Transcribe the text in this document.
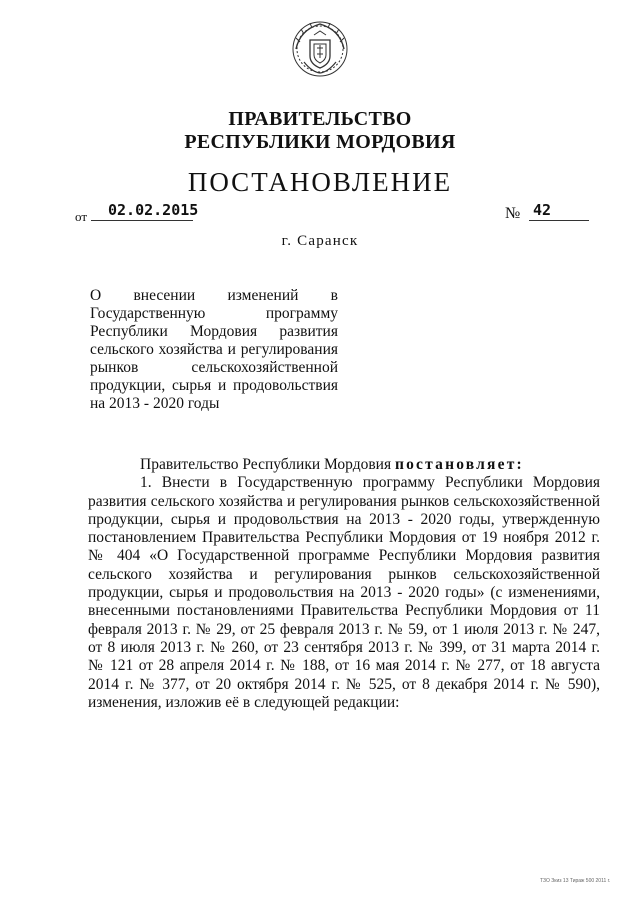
ПРАВИТЕЛЬСТВО
РЕСПУБЛИКИ МОРДОВИЯ
ПОСТАНОВЛЕНИЕ
от 02.02.2015	№ 42
г. Саранск
О внесении изменений в
Государственную программу
Республики Мордовия развития
сельского хозяйства и регулирования
рынков сельскохозяйственной
продукции, сырья и продовольствия
на 2013 - 2020 годы
Правительство Республики Мордовия постановляет:
1. Внести в Государственную программу Республики Мордовия
развития сельского хозяйства и регулирования рынков сельскохозяйственной
продукции, сырья и продовольствия на 2013 - 2020 годы, утвержденную
постановлением Правительства Республики Мордовия от 19 ноября 2012 г.
№ 404 «О Государственной программе Республики Мордовия развития
сельского хозяйства и регулирования рынков сельскохозяйственной
продукции, сырья и продовольствия на 2013 - 2020 годы» (с изменениями,
внесенными постановлениями Правительства Республики Мордовия от 11
февраля 2013 г. № 29, от 25 февраля 2013 г. № 59, от 1 июля 2013 г. № 247,
от 8 июля 2013 г. № 260, от 23 сентября 2013 г. № 399, от 31 марта 2014 г.
№ 121 от 28 апреля 2014 г. № 188, от 16 мая 2014 г. № 277, от 18 августа
2014 г. № 377, от 20 октября 2014 г. № 525, от 8 декабря 2014 г. № 590),
изменения, изложив её в следующей редакции:
ТЗО Зкиз 13 Тираж 500 2011 г.
